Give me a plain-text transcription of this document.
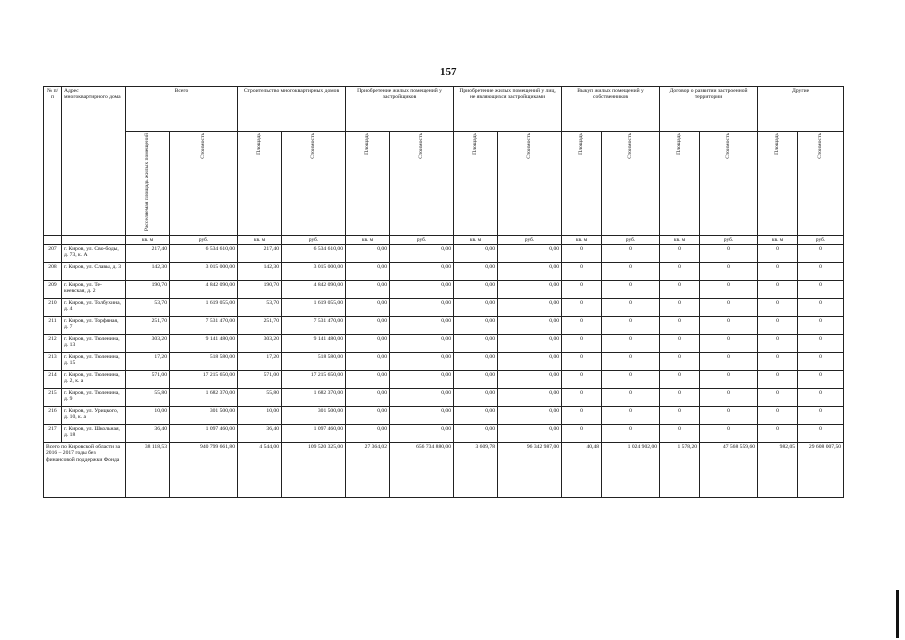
157
№ п/п	Адрес многоквартирного дома	Всего		Строительство многоквартирных домов		Приобретение жилых помещений у застройщиков		Приобретение жилых помещений у лиц, не являющихся застройщиками		Выкуп жилых помещений у собственников		Договор о развитии застроенной территории		Другие	
		Расселяемая площадь жилых помещений	Стоимость	Площадь	Стоимость	Площадь	Стоимость	Площадь	Стоимость	Площадь	Стоимость	Площадь	Стоимость	Площадь	Стоимость
		кв. м	руб.	кв. м	руб.	кв. м	руб.	кв. м	руб.	кв. м	руб.	кв. м	руб.	кв. м	руб.
207	г. Киров, ул. Сво-боды, д. 73, к. А	217,40	6 534 610,00	217,40	6 534 610,00	0,00	0,00	0,00	0,00	0	0	0	0	0	0
208	г. Киров, ул. Славы, д. 3	142,30	3 015 000,00	142,30	3 015 000,00	0,00	0,00	0,00	0,00	0	0	0	0	0	0
209	г. Киров, ул. Те-кеевская, д. 2	190,70	4 842 090,00	190,70	4 842 090,00	0,00	0,00	0,00	0,00	0	0	0	0	0	0
210	г. Киров, ул. Толбухина, д. 4	53,70	1 619 055,00	53,70	1 619 055,00	0,00	0,00	0,00	0,00	0	0	0	0	0	0
211	г. Киров, ул. Торфяная, д. 7	251,70	7 531 470,00	251,70	7 531 470,00	0,00	0,00	0,00	0,00	0	0	0	0	0	0
212	г. Киров, ул. Тюленина, д. 13	303,20	9 141 480,00	303,20	9 141 480,00	0,00	0,00	0,00	0,00	0	0	0	0	0	0
213	г. Киров, ул. Тюленина, д. 15	17,20	518 580,00	17,20	518 580,00	0,00	0,00	0,00	0,00	0	0	0	0	0	0
214	г. Киров, ул. Тюленина, д. 2, к. а	571,00	17 215 650,00	571,00	17 215 650,00	0,00	0,00	0,00	0,00	0	0	0	0	0	0
215	г. Киров, ул. Тюленина, д. 9	55,80	1 682 370,00	55,80	1 682 370,00	0,00	0,00	0,00	0,00	0	0	0	0	0	0
216	г. Киров, ул. Урицкого, д. 10, к. а	10,00	301 500,00	10,00	301 500,00	0,00	0,00	0,00	0,00	0	0	0	0	0	0
217	г. Киров, ул. Школьная, д. 18	36,40	1 097 460,00	36,40	1 097 460,00	0,00	0,00	0,00	0,00	0	0	0	0	0	0
Всего по Кировской области за 2016 – 2017 годы без финансовой поддержки Фонда		38 118,53	940 799 661,80	4 544,00	109 520 325,00	27 364,02	656 734 880,00	3 609,78	96 342 987,00	40,48	1 024 902,00	1 578,20	47 568 559,60	982,05	29 608 007,50
